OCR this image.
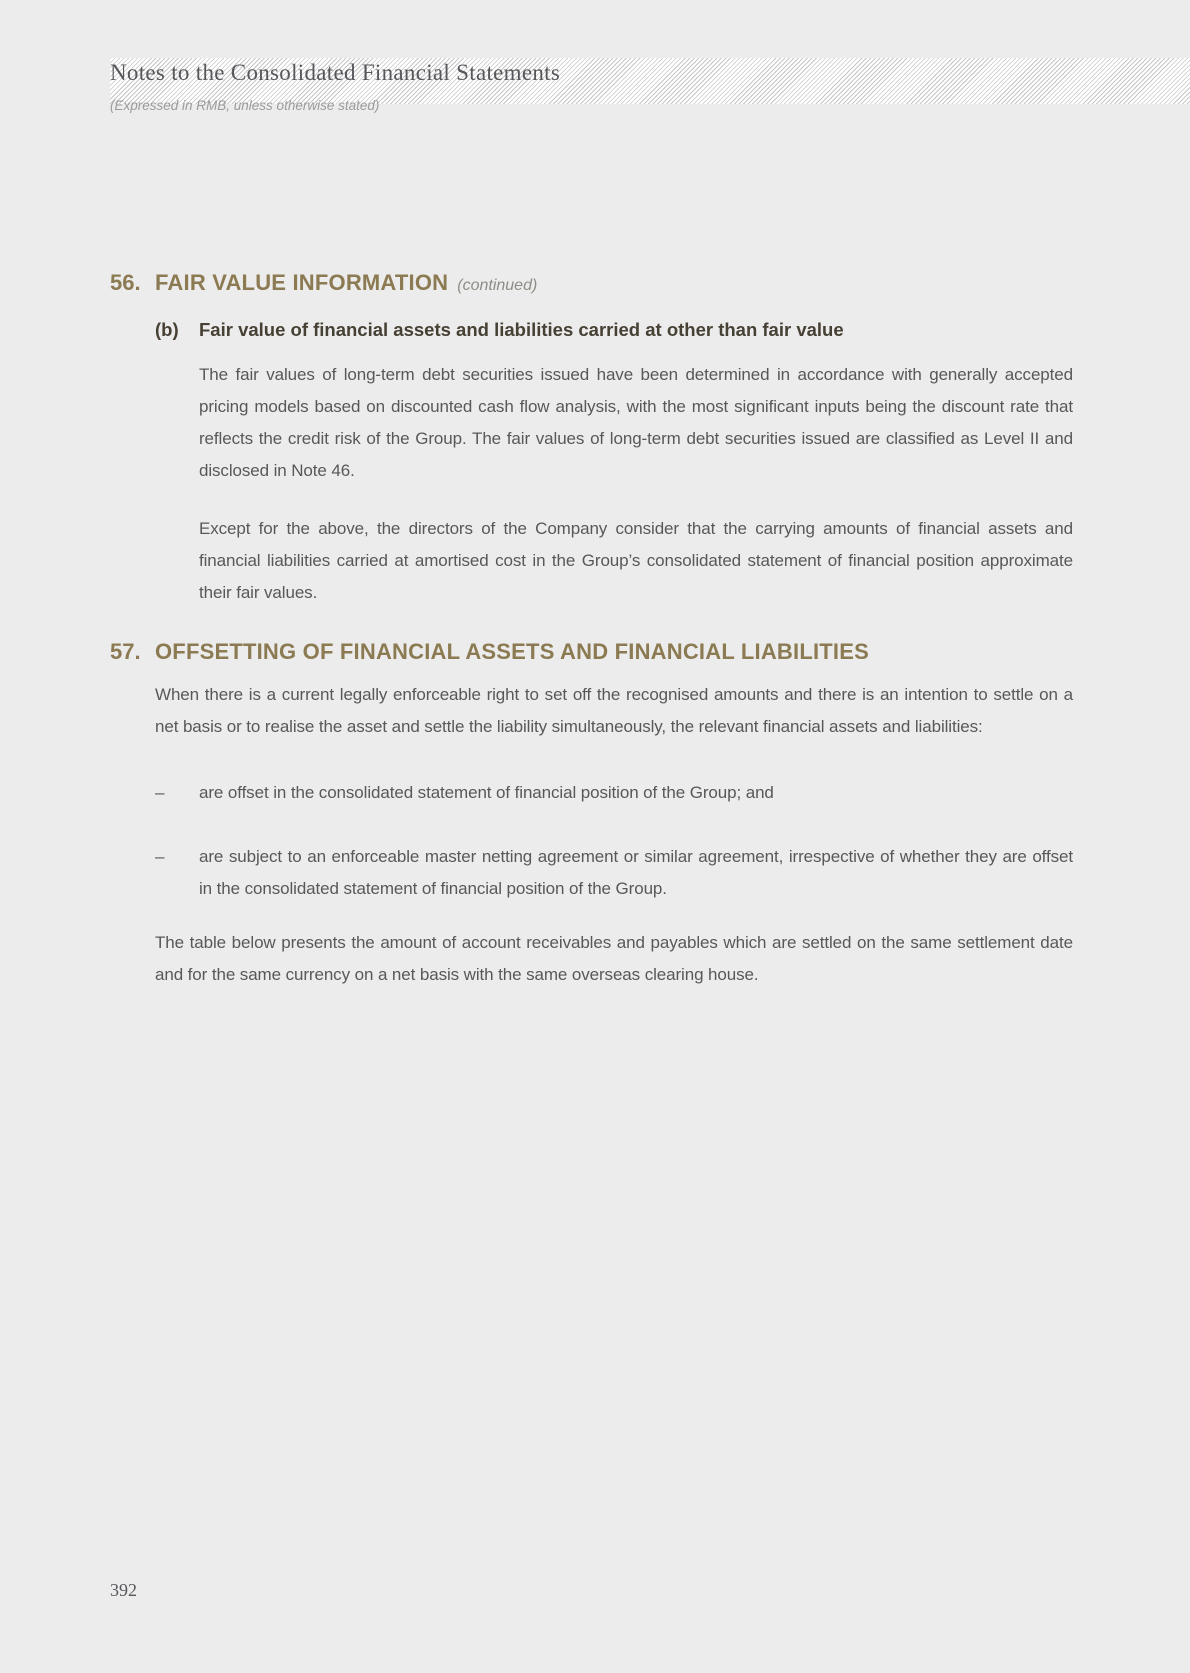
Notes to the Consolidated Financial Statements
(Expressed in RMB, unless otherwise stated)
56. FAIR VALUE INFORMATION (continued)
(b)	Fair value of financial assets and liabilities carried at other than fair value

The fair values of long-term debt securities issued have been determined in accordance with generally accepted pricing models based on discounted cash flow analysis, with the most significant inputs being the discount rate that reflects the credit risk of the Group. The fair values of long-term debt securities issued are classified as Level II and disclosed in Note 46.

Except for the above, the directors of the Company consider that the carrying amounts of financial assets and financial liabilities carried at amortised cost in the Group’s consolidated statement of financial position approximate their fair values.

57. OFFSETTING OF FINANCIAL ASSETS AND FINANCIAL LIABILITIES

When there is a current legally enforceable right to set off the recognised amounts and there is an intention to settle on a net basis or to realise the asset and settle the liability simultaneously, the relevant financial assets and liabilities:

–	are offset in the consolidated statement of financial position of the Group; and

–	are subject to an enforceable master netting agreement or similar agreement, irrespective of whether they are offset in the consolidated statement of financial position of the Group.

The table below presents the amount of account receivables and payables which are settled on the same settlement date and for the same currency on a net basis with the same overseas clearing house.

392
